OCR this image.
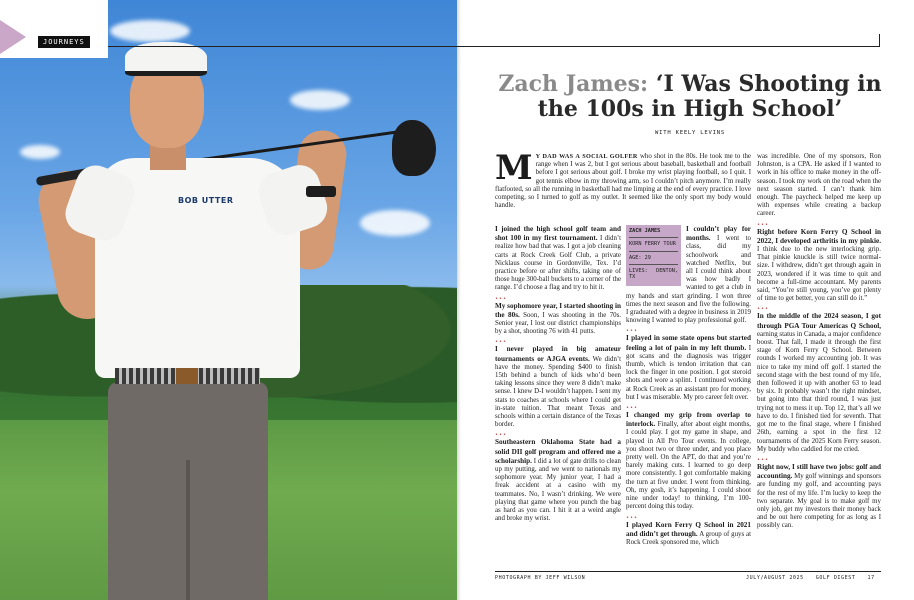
BOB UTTER
JOURNEYS
Zach James: ‘I Was Shooting in the 100s in High School’
WITH KEELY LEVINS
M Y DAD WAS A SOCIAL GOLFER who shot in the 80s. He took me to the range when I was 2, but I got serious about baseball, basketball and football before I got serious about golf. I broke my wrist playing football, so I quit. I got tennis elbow in my throwing arm, so I couldn’t pitch anymore. I’m really flatfooted, so all the running in basketball had me limping at the end of every practice. I love competing, so I turned to golf as my outlet. It seemed like the only sport my body would handle.

I joined the high school golf team and shot 100 in my first tournament. I didn’t realize how bad that was. I got a job cleaning carts at Rock Creek Golf Club, a private Nicklaus course in Gordonville, Tex. I’d practice before or after shifts, taking one of those huge 300-ball buckets to a corner of the range. I’d choose a flag and try to hit it.

•••

My sophomore year, I started shooting in the 80s. Soon, I was shooting in the 70s. Senior year, I lost our district championships by a shot, shooting 76 with 41 putts.

•••

I never played in big amateur tournaments or AJGA events. We didn’t have the money. Spending $400 to finish 15th behind a bunch of kids who’d been taking lessons since they were 8 didn’t make sense. I knew D-I wouldn’t happen. I sent my stats to coaches at schools where I could get in-state tuition. That meant Texas and schools within a certain distance of the Texas border.

•••

Southeastern Oklahoma State had a solid DII golf program and offered me a scholarship. I did a lot of gate drills to clean up my putting, and we went to nationals my sophomore year. My junior year, I had a freak accident at a casino with my teammates. No, I wasn’t drinking. We were playing that game where you punch the bag as hard as you can. I hit it at a weird angle and broke my wrist.

ZACH JAMES
KORN FERRY TOUR
AGE: 29
LIVES: DENTON, TX

I couldn’t play for months. I went to class, did my schoolwork and watched Netflix, but all I could think about was how badly I wanted to get a club in my hands and start grinding. I won three times the next season and five the following. I graduated with a degree in business in 2019 knowing I wanted to play professional golf.

•••

I played in some state opens but started feeling a lot of pain in my left thumb. I got scans and the diagnosis was trigger thumb, which is tendon irritation that can lock the finger in one position. I got steroid shots and wore a splint. I continued working at Rock Creek as an assistant pro for money, but I was miserable. My pro career felt over.

•••

I changed my grip from overlap to interlock. Finally, after about eight months, I could play. I got my game in shape, and played in All Pro Tour events. In college, you shoot two or three under, and you place pretty well. On the APT, do that and you’re barely making cuts. I learned to go deep more consistently. I got comfortable making the turn at five under. I went from thinking, Oh, my gosh, it’s happening. I could shoot nine under today! to thinking, I’m 100-percent doing this today.

•••

I played Korn Ferry Q School in 2021 and didn’t get through. A group of guys at Rock Creek sponsored me, which

was incredible. One of my sponsors, Ron Johnston, is a CPA. He asked if I wanted to work in his office to make money in the off-season. I took my work on the road when the next season started. I can’t thank him enough. The paycheck helped me keep up with expenses while creating a backup career.

•••

Right before Korn Ferry Q School in 2022, I developed arthritis in my pinkie. I think due to the new interlocking grip. That pinkie knuckle is still twice normal-size. I withdrew, didn’t get through again in 2023, wondered if it was time to quit and become a full-time accountant. My parents said, “You’re still young, you’ve got plenty of time to get better, you can still do it.”

•••

In the middle of the 2024 season, I got through PGA Tour Americas Q School, earning status in Canada, a major confidence boost. That fall, I made it through the first stage of Korn Ferry Q School. Between rounds I worked my accounting job. It was nice to take my mind off golf. I started the second stage with the best round of my life, then followed it up with another 63 to lead by six. It probably wasn’t the right mindset, but going into that third round, I was just trying not to mess it up. Top 12, that’s all we have to do. I finished tied for seventh. That got me to the final stage, where I finished 26th, earning a spot in the first 12 tournaments of the 2025 Korn Ferry season. My buddy who caddied for me cried.

•••

Right now, I still have two jobs: golf and accounting. My golf winnings and sponsors are funding my golf, and accounting pays for the rest of my life. I’m lucky to keep the two separate. My goal is to make golf my only job, get my investors their money back and be out here competing for as long as I possibly can.

PHOTOGRAPH BY JEFF WILSON	JULY/AUGUST 2025 GOLF DIGEST 17
